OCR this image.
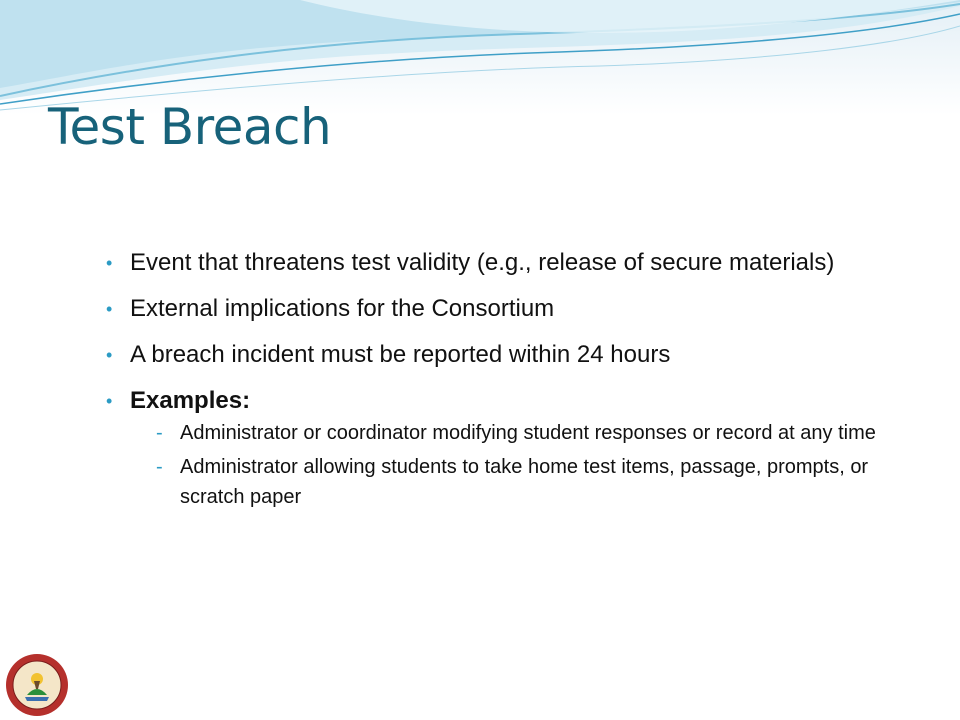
Test Breach
• Event that threatens test validity (e.g., release of secure materials)
• External implications for the Consortium
• A breach incident must be reported within 24 hours
• Examples:
- Administrator or coordinator modifying student responses or record at any time
- Administrator allowing students to take home test items, passage, prompts, or scratch paper
